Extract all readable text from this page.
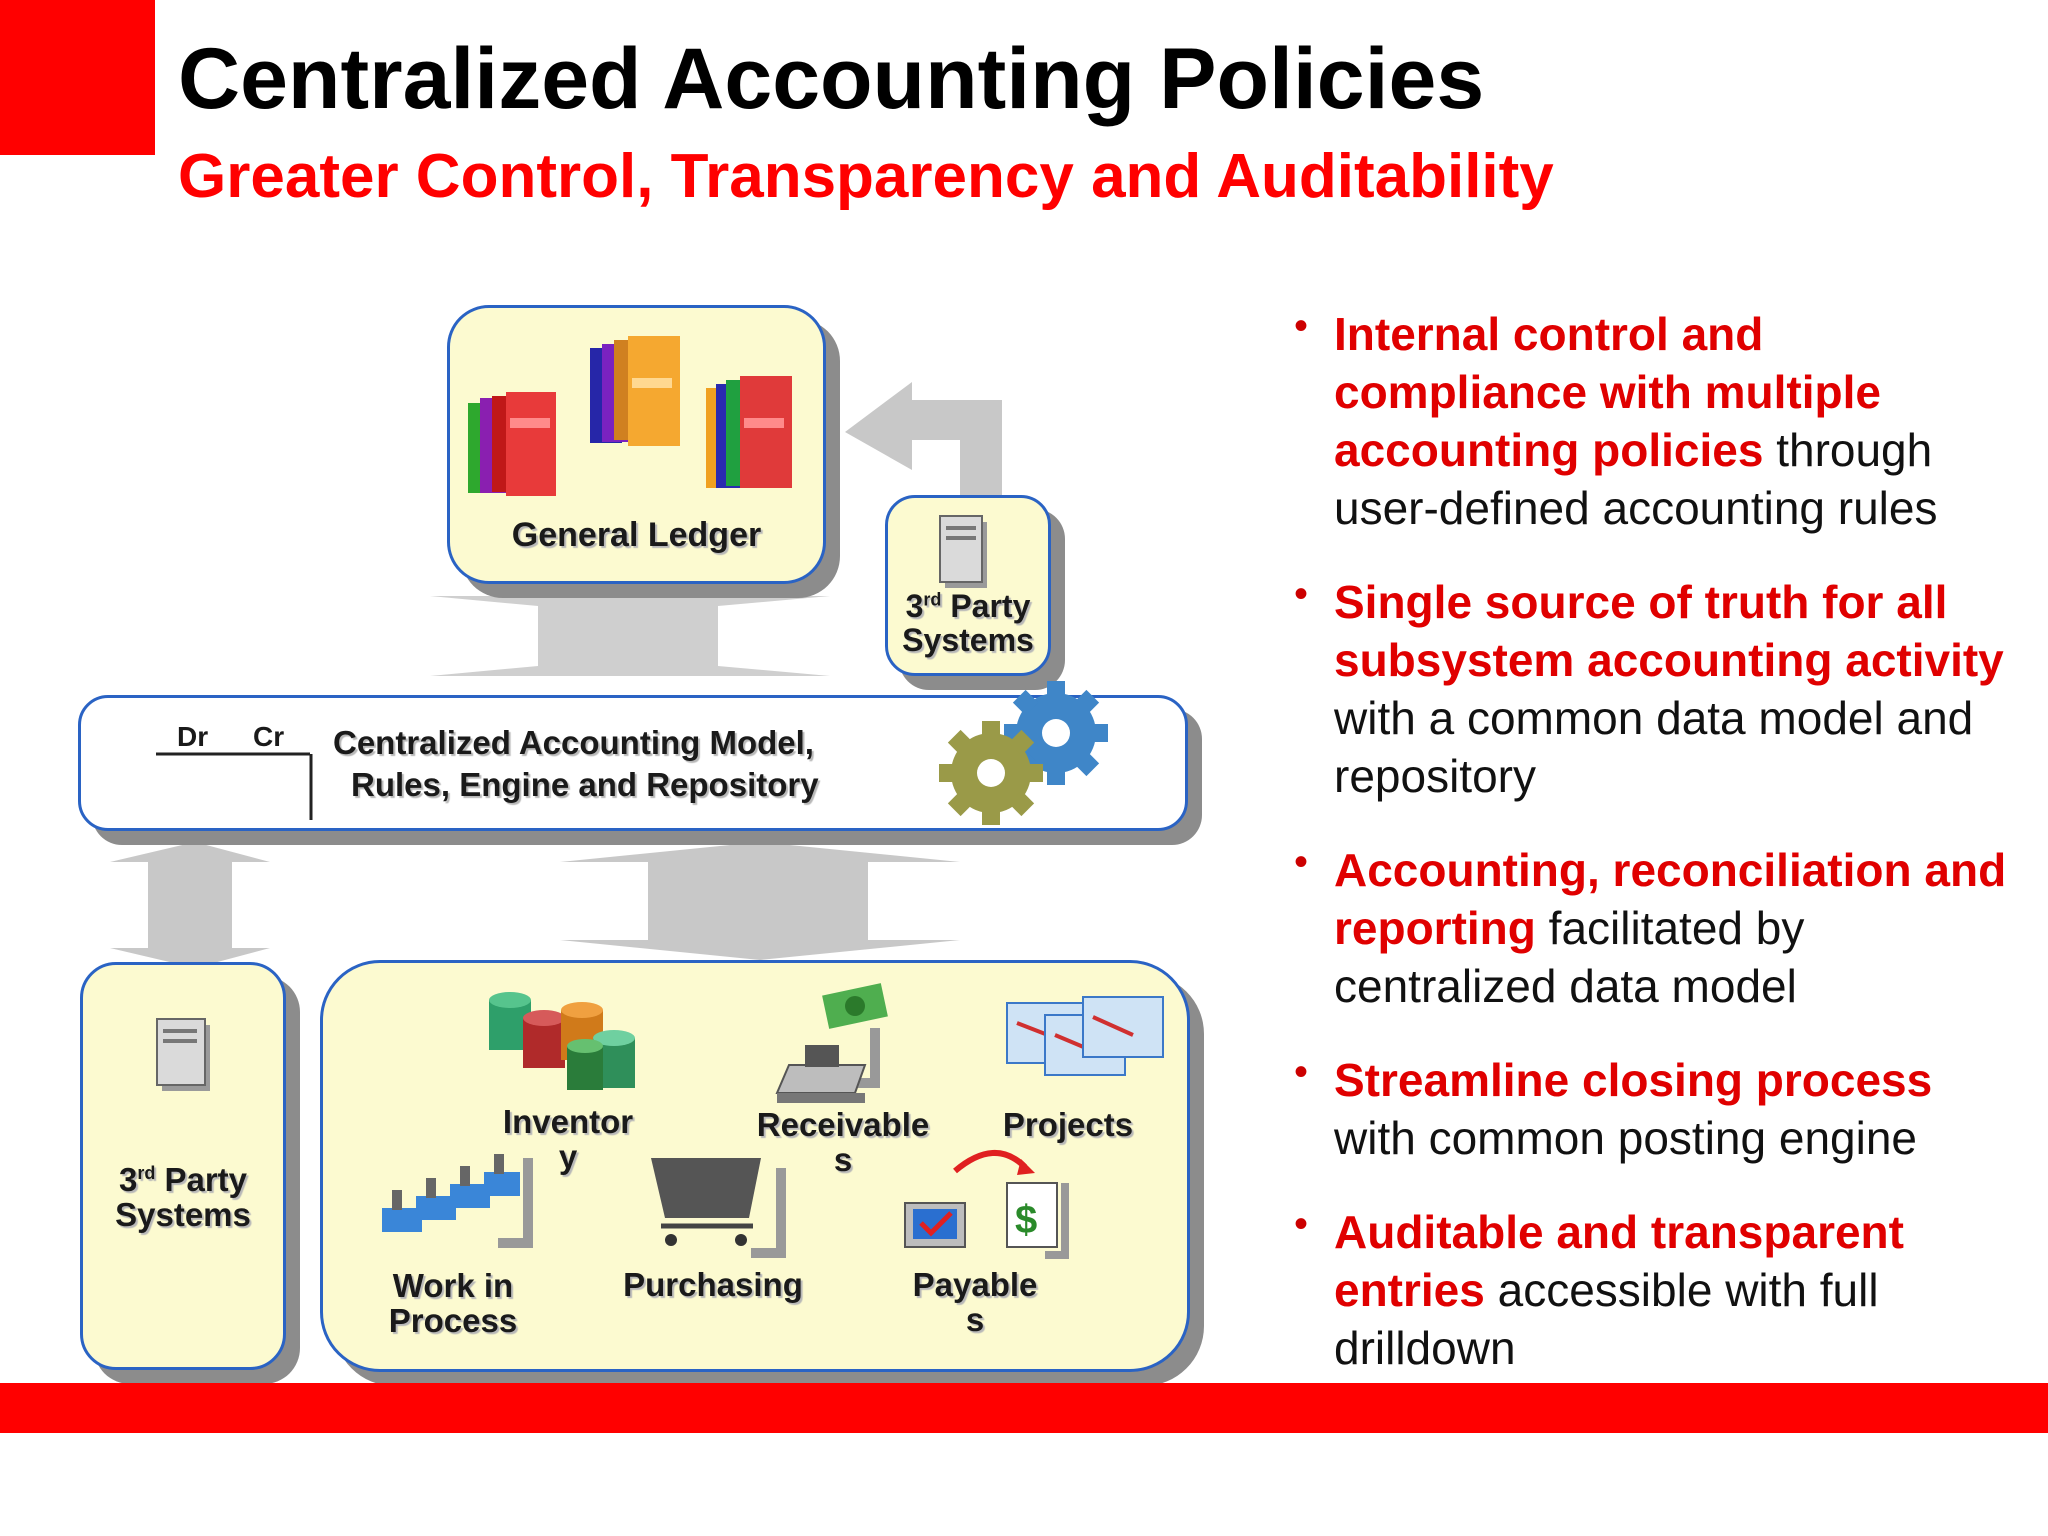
Centralized Accounting Policies
Greater Control, Transparency and Auditability
General Ledger
3rd Party
Systems
Dr Cr Centralized Accounting Model,
Rules, Engine and Repository
3rd Party
Systems
Inventor
y
Receivable
s
Projects
Work in
Process
Purchasing
$
Payable
s
• Internal control and compliance with multiple accounting policies through user-defined accounting rules
• Single source of truth for all subsystem accounting activity with a common data model and repository
• Accounting, reconciliation and reporting facilitated by centralized data model
• Streamline closing process with common posting engine
• Auditable and transparent entries accessible with full drilldown
